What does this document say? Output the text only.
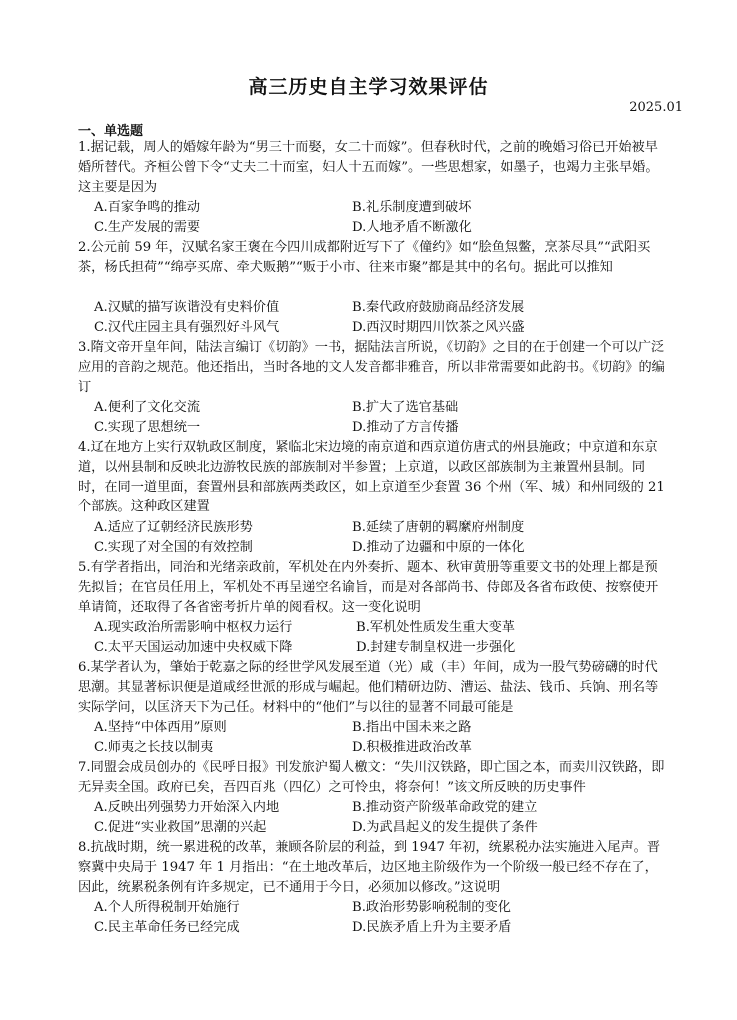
高三历史自主学习效果评估
2025.01
一、单选题

1.据记载，周人的婚嫁年龄为“男三十而娶，女二十而嫁”。但春秋时代，之前的晚婚习俗已开始被早婚所替代。齐桓公曾下令“丈夫二十而室，妇人十五而嫁”。一些思想家，如墨子，也竭力主张早婚。这主要是因为

A.百家争鸣的推动	B.礼乐制度遭到破坏
C.生产发展的需要	D.人地矛盾不断激化

2.公元前 59 年，汉赋名家王褒在今四川成都附近写下了《僮约》如“脍鱼炰鳖，烹茶尽具”“武阳买茶，杨氏担荷”“绵亭买席、牵犬贩鹅”“贩于小市、往来市聚”都是其中的名句。据此可以推知

A.汉赋的描写诙谐没有史料价值	B.秦代政府鼓励商品经济发展
C.汉代庄园主具有强烈好斗风气	D.西汉时期四川饮茶之风兴盛

3.隋文帝开皇年间，陆法言编订《切韵》一书，据陆法言所说，《切韵》之目的在于创建一个可以广泛应用的音韵之规范。他还指出，当时各地的文人发音都非雅音，所以非常需要如此韵书。《切韵》的编订

A.便利了文化交流	B.扩大了选官基础
C.实现了思想统一	D.推动了方言传播

4.辽在地方上实行双轨政区制度，紧临北宋边境的南京道和西京道仿唐式的州县施政；中京道和东京道，以州县制和反映北边游牧民族的部族制对半参置；上京道，以政区部族制为主兼置州县制。同时，在同一道里面，套置州县和部族两类政区，如上京道至少套置 36 个州（军、城）和州同级的 21 个部族。这种政区建置

A.适应了辽朝经济民族形势	B.延续了唐朝的羁縻府州制度
C.实现了对全国的有效控制	D.推动了边疆和中原的一体化

5.有学者指出，同治和光绪亲政前，军机处在内外奏折、题本、秋审黄册等重要文书的处理上都是预先拟旨；在官员任用上，军机处不再呈递空名谕旨，而是对各部尚书、侍郎及各省布政使、按察使开单请简，还取得了各省密考折片单的阅看权。这一变化说明

A.现实政治所需影响中枢权力运行	B.军机处性质发生重大变革
C.太平天国运动加速中央权威下降	D.封建专制皇权进一步强化

6.某学者认为，肇始于乾嘉之际的经世学风发展至道（光）咸（丰）年间，成为一股气势磅礴的时代思潮。其显著标识便是道咸经世派的形成与崛起。他们精研边防、漕运、盐法、钱币、兵饷、刑名等实际学问，以匡济天下为己任。材料中的“他们”与以往的显著不同最可能是

A.坚持“中体西用”原则	B.指出中国未来之路
C.师夷之长技以制夷	D.积极推进政治改革

7.同盟会成员创办的《民呼日报》刊发旅沪蜀人檄文：“失川汉铁路，即亡国之本，而卖川汉铁路，即无异卖全国。政府已矣，吾四百兆（四亿）之可怜虫，将奈何！”该文所反映的历史事件

A.反映出列强势力开始深入内地	B.推动资产阶级革命政党的建立
C.促进“实业救国”思潮的兴起	D.为武昌起义的发生提供了条件

8.抗战时期，统一累进税的改革，兼顾各阶层的利益，到 1947 年初，统累税办法实施进入尾声。晋察冀中央局于 1947 年 1 月指出：“在土地改革后，边区地主阶级作为一个阶级一般已经不存在了，因此，统累税条例有许多规定，已不通用于今日，必须加以修改。”这说明

A.个人所得税制开始施行	B.政治形势影响税制的变化
C.民主革命任务已经完成	D.民族矛盾上升为主要矛盾
